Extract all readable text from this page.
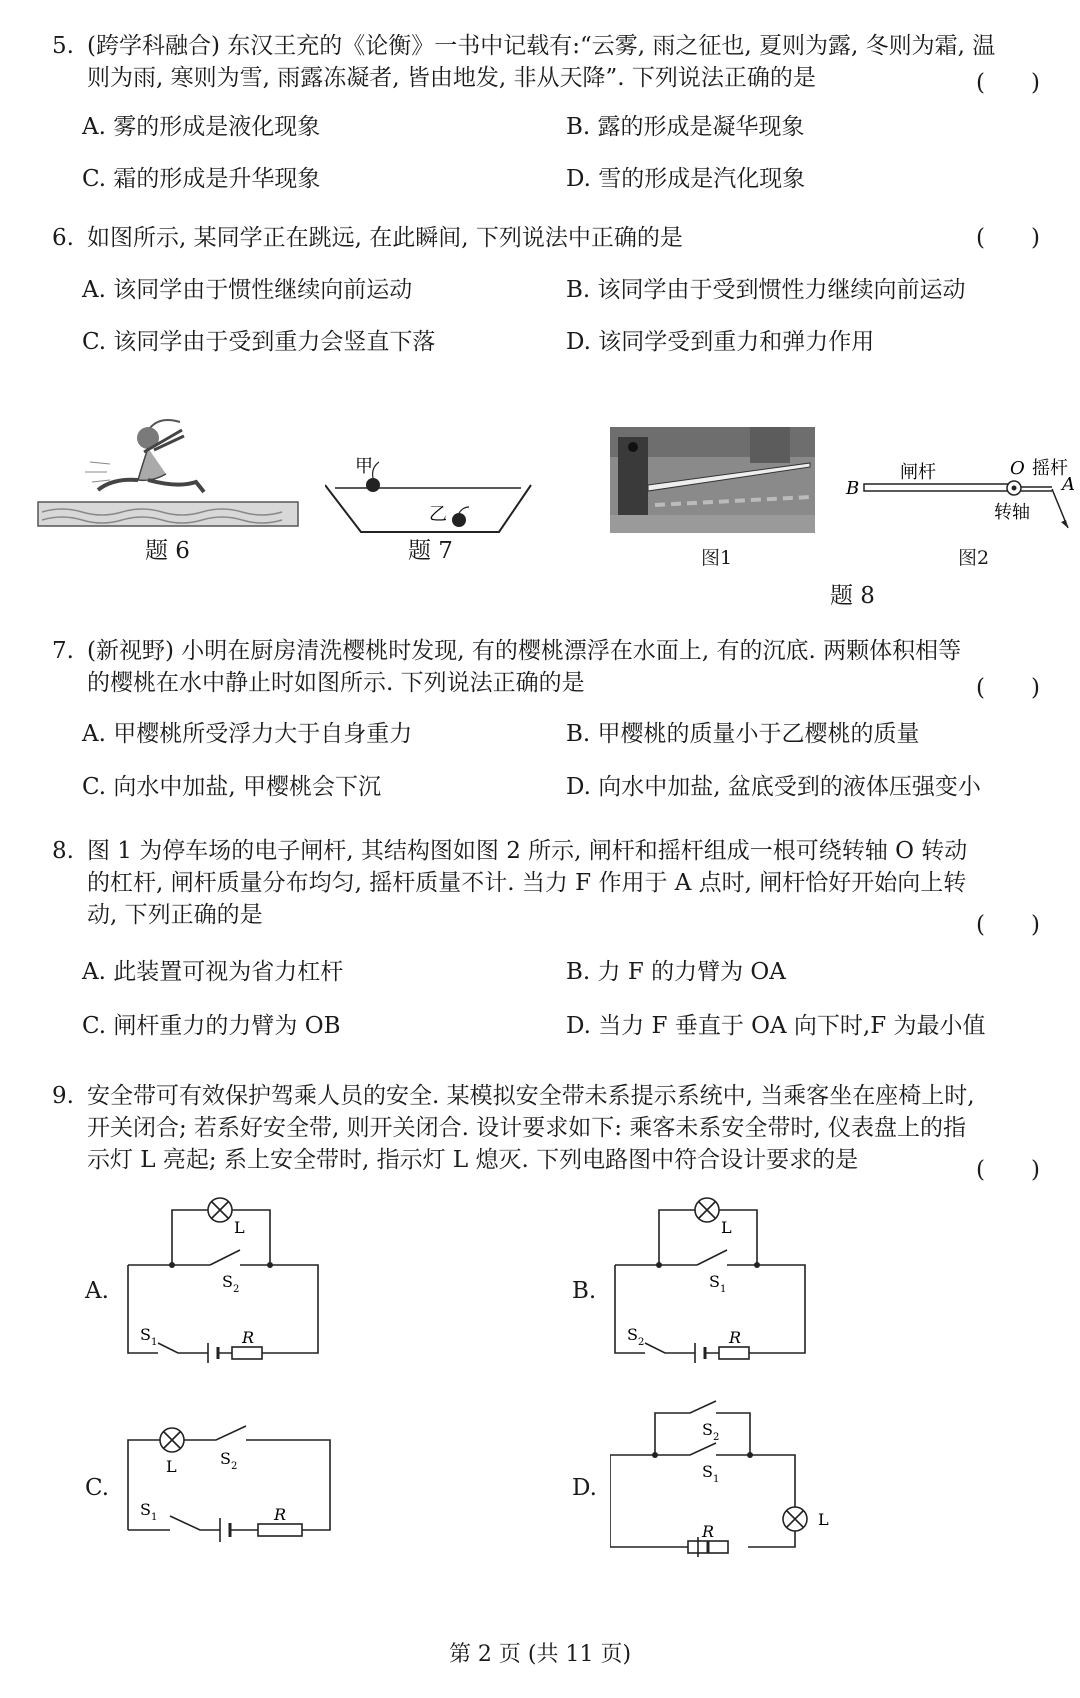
5. (跨学科融合) 东汉王充的《论衡》一书中记载有:“云雾, 雨之征也, 夏则为露, 冬则为霜, 温

则为雨, 寒则为雪, 雨露冻凝者, 皆由地发, 非从天降”. 下列说法正确的是	(　　)
A. 雾的形成是液化现象	B. 露的形成是凝华现象
C. 霜的形成是升华现象	D. 雪的形成是汽化现象
6. 如图所示, 某同学正在跳远, 在此瞬间, 下列说法中正确的是	(　　)
A. 该同学由于惯性继续向前运动	B. 该同学由于受到惯性力继续向前运动
C. 该同学由于受到重力会竖直下落	D. 该同学受到重力和弹力作用
题 6
甲
乙
题 7	图1
B
O
A
闸杆	摇杆
转轴
图2
题 8
7. (新视野) 小明在厨房清洗樱桃时发现, 有的樱桃漂浮在水面上, 有的沉底. 两颗体积相等

的樱桃在水中静止时如图所示. 下列说法正确的是	(　　)
A. 甲樱桃所受浮力大于自身重力	B. 甲樱桃的质量小于乙樱桃的质量
C. 向水中加盐, 甲樱桃会下沉	D. 向水中加盐, 盆底受到的液体压强变小
8. 图 1 为停车场的电子闸杆, 其结构图如图 2 所示, 闸杆和摇杆组成一根可绕转轴 O 转动

的杠杆, 闸杆质量分布均匀, 摇杆质量不计. 当力 F 作用于 A 点时, 闸杆恰好开始向上转

动, 下列正确的是	(　　)
A. 此装置可视为省力杠杆	B. 力 F 的力臂为 OA
C. 闸杆重力的力臂为 OB	D. 当力 F 垂直于 OA 向下时,F 为最小值
9. 安全带可有效保护驾乘人员的安全. 某模拟安全带未系提示系统中, 当乘客坐在座椅上时,

开关闭合; 若系好安全带, 则开关闭合. 设计要求如下: 乘客未系安全带时, 仪表盘上的指

示灯 L 亮起; 系上安全带时, 指示灯 L 熄灭. 下列电路图中符合设计要求的是	(　　)
A.	B.
C.	D.
L
S 2
S 1	R
L
S 1
S 2	R
L	S 2
S 1	R	L
S 2
S 1
R
第 2 页 (共 11 页)
